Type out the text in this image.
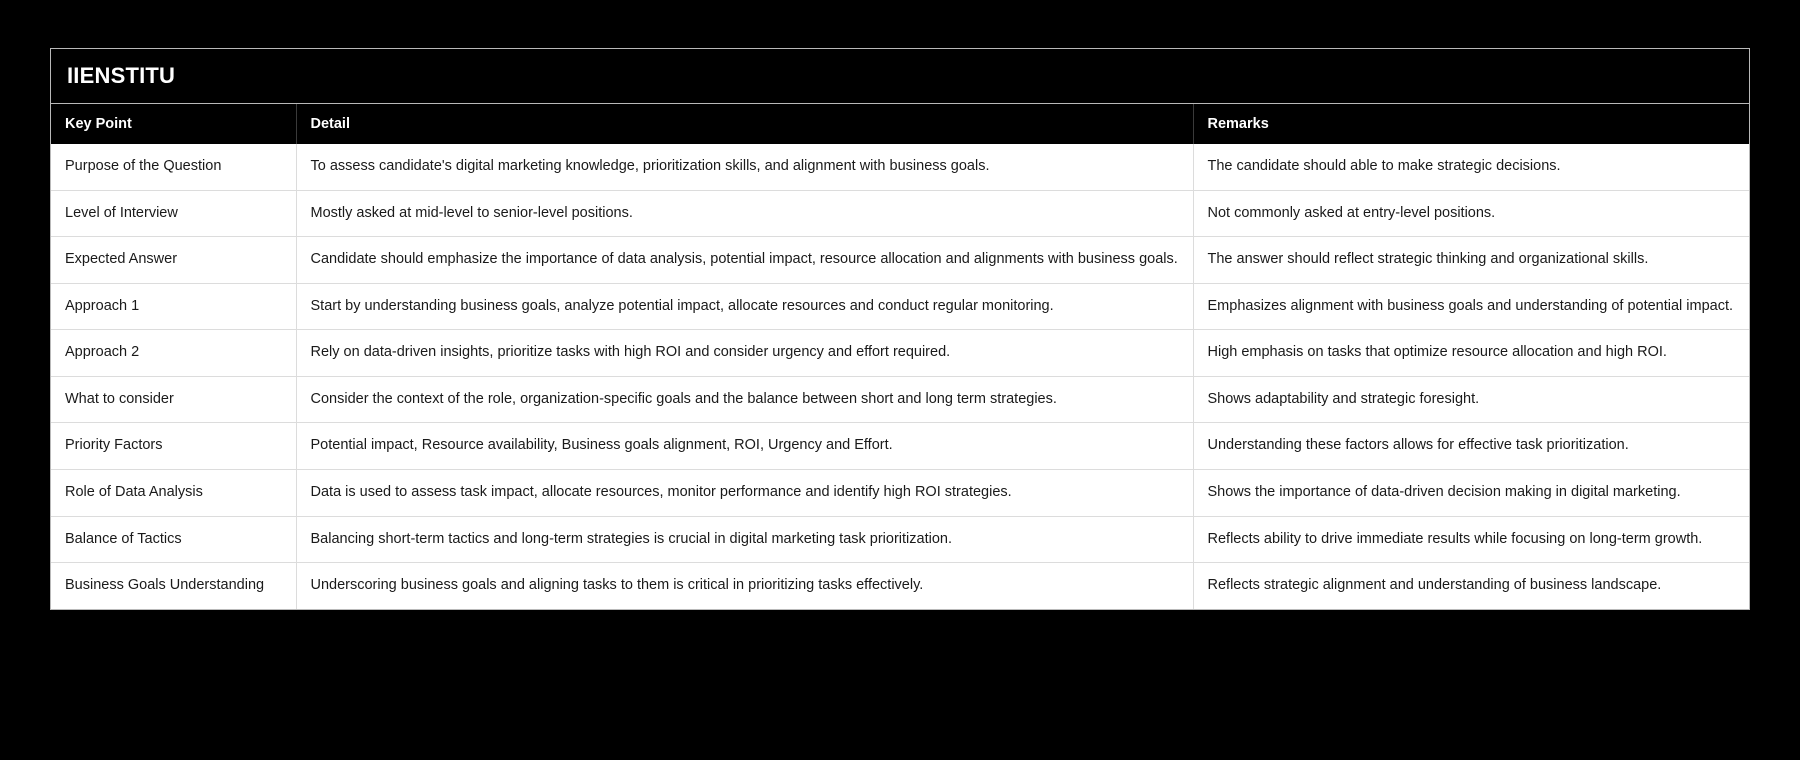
IIENSTITU
Key Point	Detail	Remarks
Purpose of the Question	To assess candidate's digital marketing knowledge, prioritization skills, and alignment with business goals.	The candidate should able to make strategic decisions.
Level of Interview	Mostly asked at mid-level to senior-level positions.	Not commonly asked at entry-level positions.
Expected Answer	Candidate should emphasize the importance of data analysis, potential impact, resource allocation and alignments with business goals.	The answer should reflect strategic thinking and organizational skills.
Approach 1	Start by understanding business goals, analyze potential impact, allocate resources and conduct regular monitoring.	Emphasizes alignment with business goals and understanding of potential impact.
Approach 2	Rely on data-driven insights, prioritize tasks with high ROI and consider urgency and effort required.	High emphasis on tasks that optimize resource allocation and high ROI.
What to consider	Consider the context of the role, organization-specific goals and the balance between short and long term strategies.	Shows adaptability and strategic foresight.
Priority Factors	Potential impact, Resource availability, Business goals alignment, ROI, Urgency and Effort.	Understanding these factors allows for effective task prioritization.
Role of Data Analysis	Data is used to assess task impact, allocate resources, monitor performance and identify high ROI strategies.	Shows the importance of data-driven decision making in digital marketing.
Balance of Tactics	Balancing short-term tactics and long-term strategies is crucial in digital marketing task prioritization.	Reflects ability to drive immediate results while focusing on long-term growth.
Business Goals Understanding	Underscoring business goals and aligning tasks to them is critical in prioritizing tasks effectively.	Reflects strategic alignment and understanding of business landscape.
